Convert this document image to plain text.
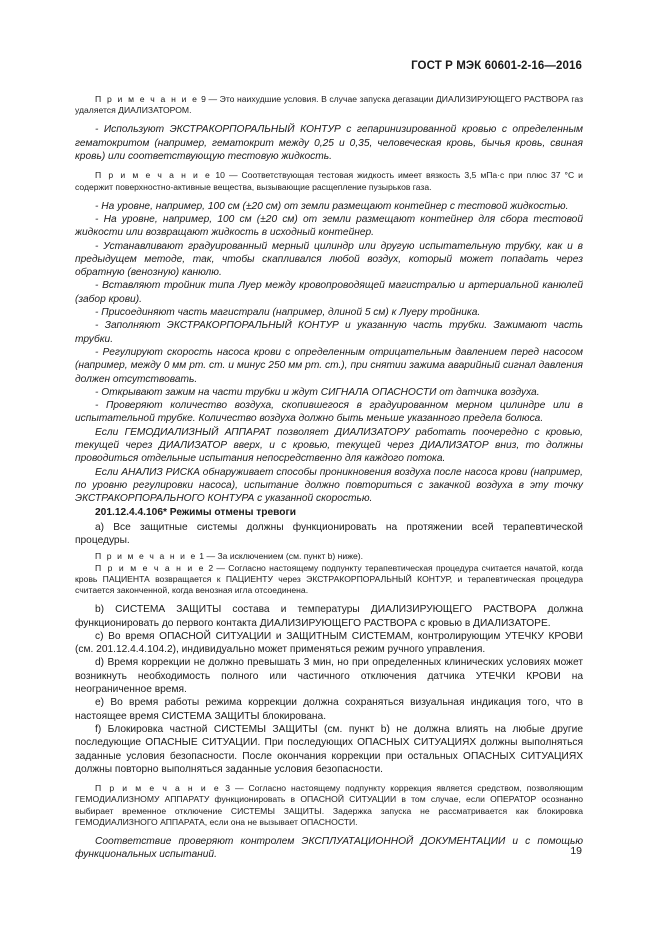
ГОСТ Р МЭК 60601-2-16—2016

П р и м е ч а н и е 9 — Это наихудшие условия. В случае запуска дегазации ДИАЛИЗИРУЮЩЕГО РАСТВОРА газ удаляется ДИАЛИЗАТОРОМ.

- Используют ЭКСТРАКОРПОРАЛЬНЫЙ КОНТУР с гепаринизированной кровью с определенным гематокритом (например, гематокрит между 0,25 и 0,35, человеческая кровь, бычья кровь, свиная кровь) или соответствующую тестовую жидкость.

П р и м е ч а н и е 10 — Соответствующая тестовая жидкость имеет вязкость 3,5 мПа·с при плюс 37 °C и содержит поверхностно-активные вещества, вызывающие расщепление пузырьков газа.

- На уровне, например, 100 см (±20 см) от земли размещают контейнер с тестовой жидкостью.

- На уровне, например, 100 см (±20 см) от земли размещают контейнер для сбора тестовой жидкости или возвращают жидкость в исходный контейнер.

- Устанавливают градуированный мерный цилиндр или другую испытательную трубку, как и в предыдущем методе, так, чтобы скапливался любой воздух, который может попадать через обратную (венозную) канюлю.

- Вставляют тройник типа Луер между кровопроводящей магистралью и артериальной канюлей (забор крови).

- Присоединяют часть магистрали (например, длиной 5 см) к Луеру тройника.

- Заполняют ЭКСТРАКОРПОРАЛЬНЫЙ КОНТУР и указанную часть трубки. Зажимают часть трубки.

- Регулируют скорость насоса крови с определенным отрицательным давлением перед насосом (например, между 0 мм рт. ст. и минус 250 мм рт. ст.), при снятии зажима аварийный сигнал давления должен отсутствовать.

- Открывают зажим на части трубки и ждут СИГНАЛА ОПАСНОСТИ от датчика воздуха.

- Проверяют количество воздуха, скопившегося в градуированном мерном цилиндре или в испытательной трубке. Количество воздуха должно быть меньше указанного предела болюса.

Если ГЕМОДИАЛИЗНЫЙ АППАРАТ позволяет ДИАЛИЗАТОРУ работать поочередно с кровью, текущей через ДИАЛИЗАТОР вверх, и с кровью, текущей через ДИАЛИЗАТОР вниз, то должны проводиться отдельные испытания непосредственно для каждого потока.

Если АНАЛИЗ РИСКА обнаруживает способы проникновения воздуха после насоса крови (например, по уровню регулировки насоса), испытание должно повториться с закачкой воздуха в эту точку ЭКСТРАКОРПОРАЛЬНОГО КОНТУРА с указанной скоростью.

201.12.4.4.106* Режимы отмены тревоги

a) Все защитные системы должны функционировать на протяжении всей терапевтической процедуры.

П р и м е ч а н и е 1 — За исключением (см. пункт b) ниже).

П р и м е ч а н и е 2 — Согласно настоящему подпункту терапевтическая процедура считается начатой, когда кровь ПАЦИЕНТА возвращается к ПАЦИЕНТУ через ЭКСТРАКОРПОРАЛЬНЫЙ КОНТУР, и терапевтическая процедура считается законченной, когда венозная игла отсоединена.

b) СИСТЕМА ЗАЩИТЫ состава и температуры ДИАЛИЗИРУЮЩЕГО РАСТВОРА должна функционировать до первого контакта ДИАЛИЗИРУЮЩЕГО РАСТВОРА с кровью в ДИАЛИЗАТОРЕ.

c) Во время ОПАСНОЙ СИТУАЦИИ и ЗАЩИТНЫМ СИСТЕМАМ, контролирующим УТЕЧКУ КРОВИ (см. 201.12.4.4.104.2), индивидуально может применяться режим ручного управления.

d) Время коррекции не должно превышать 3 мин, но при определенных клинических условиях может возникнуть необходимость полного или частичного отключения датчика УТЕЧКИ КРОВИ на неограниченное время.

e) Во время работы режима коррекции должна сохраняться визуальная индикация того, что в настоящее время СИСТЕМА ЗАЩИТЫ блокирована.

f) Блокировка частной СИСТЕМЫ ЗАЩИТЫ (см. пункт b) не должна влиять на любые другие последующие ОПАСНЫЕ СИТУАЦИИ. При последующих ОПАСНЫХ СИТУАЦИЯХ должны выполняться заданные условия безопасности. После окончания коррекции при остальных ОПАСНЫХ СИТУАЦИЯХ должны повторно выполняться заданные условия безопасности.

П р и м е ч а н и е 3 — Согласно настоящему подпункту коррекция является средством, позволяющим ГЕМОДИАЛИЗНОМУ АППАРАТУ функционировать в ОПАСНОЙ СИТУАЦИИ в том случае, если ОПЕРАТОР осознанно выбирает временное отключение СИСТЕМЫ ЗАЩИТЫ. Задержка запуска не рассматривается как блокировка ГЕМОДИАЛИЗНОГО АППАРАТА, если она не вызывает ОПАСНОСТИ.

Соответствие проверяют контролем ЭКСПЛУАТАЦИОННОЙ ДОКУМЕНТАЦИИ и с помощью функциональных испытаний.	19
